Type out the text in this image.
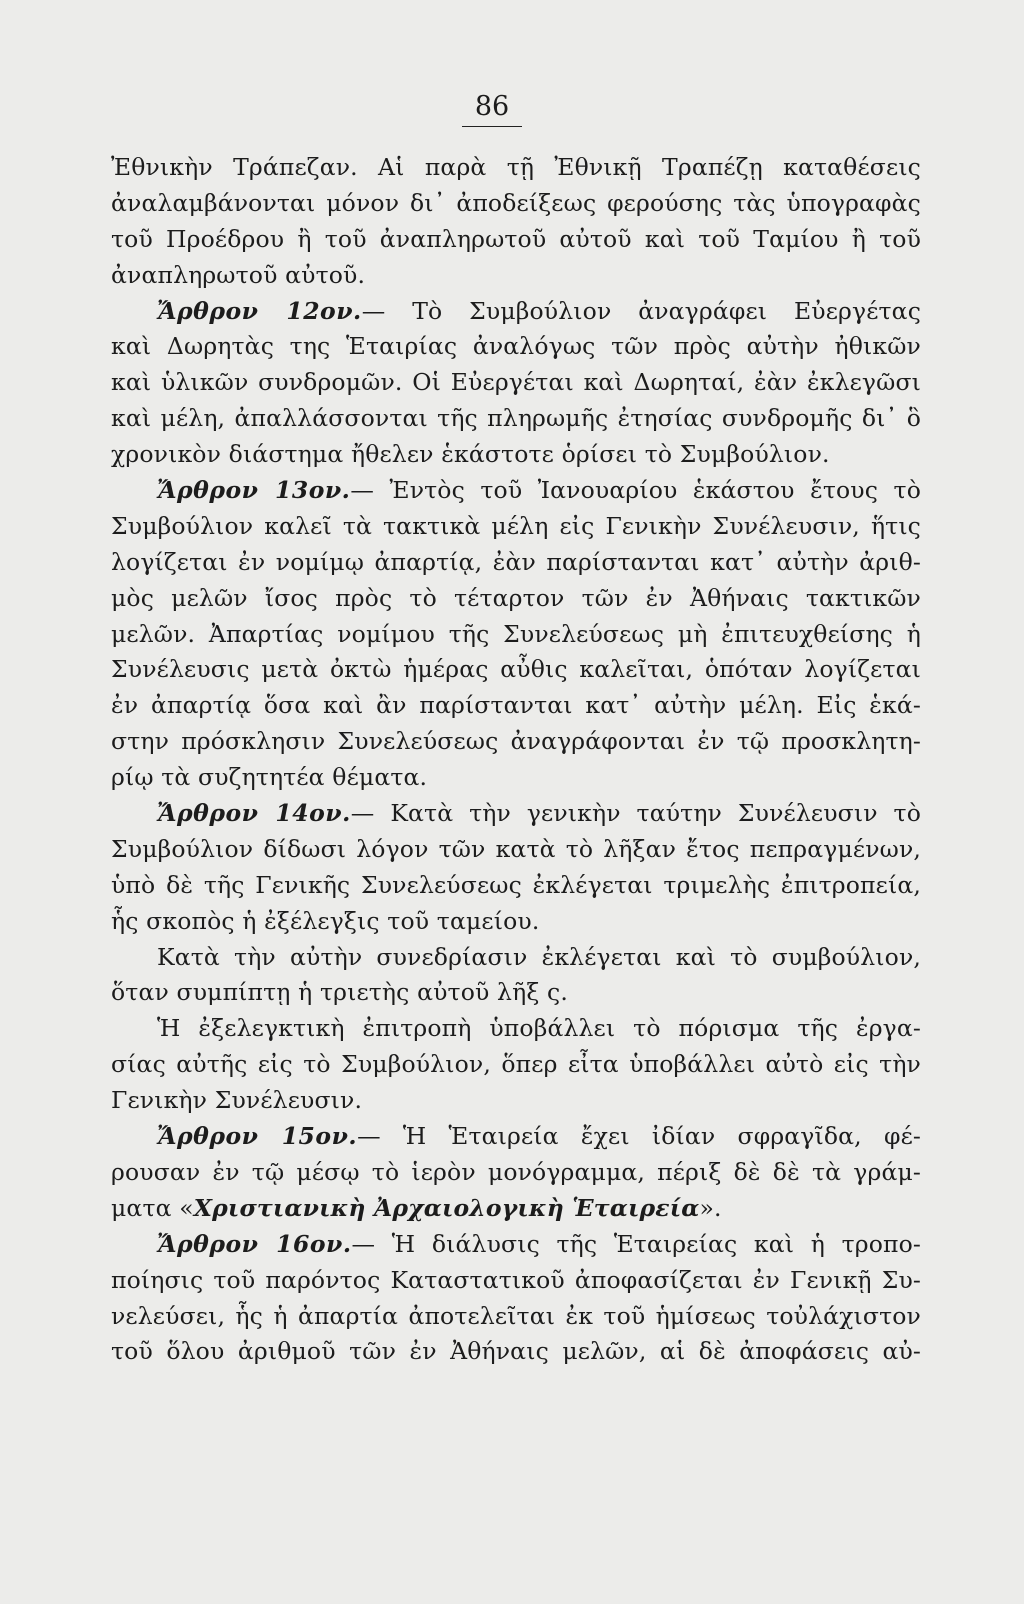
86
Ἐθνικὴν Τράπεζαν. Αἱ παρὰ τῇ Ἐθνικῇ Τραπέζῃ καταθέσεις
ἀναλαμβάνονται μόνον δι᾽ ἀποδείξεως φερούσης τὰς ὑπογραφὰς
τοῦ Προέδρου ἢ τοῦ ἀναπληρωτοῦ αὐτοῦ καὶ τοῦ Ταμίου ἢ τοῦ
ἀναπληρωτοῦ αὐτοῦ.
Ἄρθρον 12ον.— Τὸ Συμβούλιον ἀναγράφει Εὐεργέτας
καὶ Δωρητὰς της Ἑταιρίας ἀναλόγως τῶν πρὸς αὐτὴν ἠθικῶν
καὶ ὑλικῶν συνδρομῶν. Οἱ Εὐεργέται καὶ Δωρηταί, ἐὰν ἐκλεγῶσι
καὶ μέλη, ἀπαλλάσσονται τῆς πληρωμῆς ἐτησίας συνδρομῆς δι᾽ ὃ
χρονικὸν διάστημα ἤθελεν ἑκάστοτε ὁρίσει τὸ Συμβούλιον.
Ἄρθρον 13ον.— Ἐντὸς τοῦ Ἰανουαρίου ἑκάστου ἔτους τὸ
Συμβούλιον καλεῖ τὰ τακτικὰ μέλη εἰς Γενικὴν Συνέλευσιν, ἥτις
λογίζεται ἐν νομίμῳ ἀπαρτίᾳ, ἐὰν παρίστανται κατ᾽ αὐτὴν ἀριθ-
μὸς μελῶν ἴσος πρὸς τὸ τέταρτον τῶν ἐν Ἀθήναις τακτικῶν
μελῶν. Ἀπαρτίας νομίμου τῆς Συνελεύσεως μὴ ἐπιτευχθείσης ἡ
Συνέλευσις μετὰ ὀκτὼ ἡμέρας αὖθις καλεῖται, ὁπόταν λογίζεται
ἐν ἀπαρτίᾳ ὅσα καὶ ἂν παρίστανται κατ᾽ αὐτὴν μέλη. Εἰς ἑκά-
στην πρόσκλησιν Συνελεύσεως ἀναγράφονται ἐν τῷ προσκλητη-
ρίῳ τὰ συζητητέα θέματα.
Ἄρθρον 14ον.— Κατὰ τὴν γενικὴν ταύτην Συνέλευσιν τὸ
Συμβούλιον δίδωσι λόγον τῶν κατὰ τὸ λῆξαν ἔτος πεπραγμένων,
ὑπὸ δὲ τῆς Γενικῆς Συνελεύσεως ἐκλέγεται τριμελὴς ἐπιτροπεία,
ἧς σκοπὸς ἡ ἐξέλεγξις τοῦ ταμείου.
Κατὰ τὴν αὐτὴν συνεδρίασιν ἐκλέγεται καὶ τὸ συμβούλιον,
ὅταν συμπίπτῃ ἡ τριετὴς αὐτοῦ λῆξ ς.
Ἡ ἐξελεγκτικὴ ἐπιτροπὴ ὑποβάλλει τὸ πόρισμα τῆς ἐργα-
σίας αὐτῆς εἰς τὸ Συμβούλιον, ὅπερ εἶτα ὑποβάλλει αὐτὸ εἰς τὴν
Γενικὴν Συνέλευσιν.
Ἄρθρον 15ον.— Ἡ Ἑταιρεία ἔχει ἰδίαν σφραγῖδα, φέ-
ρουσαν ἐν τῷ μέσῳ τὸ ἱερὸν μονόγραμμα, πέριξ δὲ δὲ τὰ γράμ-
ματα «Χριστιανικὴ Ἀρχαιολογικὴ Ἑταιρεία».
Ἄρθρον 16ον.— Ἡ διάλυσις τῆς Ἑταιρείας καὶ ἡ τροπο-
ποίησις τοῦ παρόντος Καταστατικοῦ ἀποφασίζεται ἐν Γενικῇ Συ-
νελεύσει, ἧς ἡ ἀπαρτία ἀποτελεῖται ἐκ τοῦ ἡμίσεως τοὐλάχιστον
τοῦ ὅλου ἀριθμοῦ τῶν ἐν Ἀθήναις μελῶν, αἱ δὲ ἀποφάσεις αὐ-
